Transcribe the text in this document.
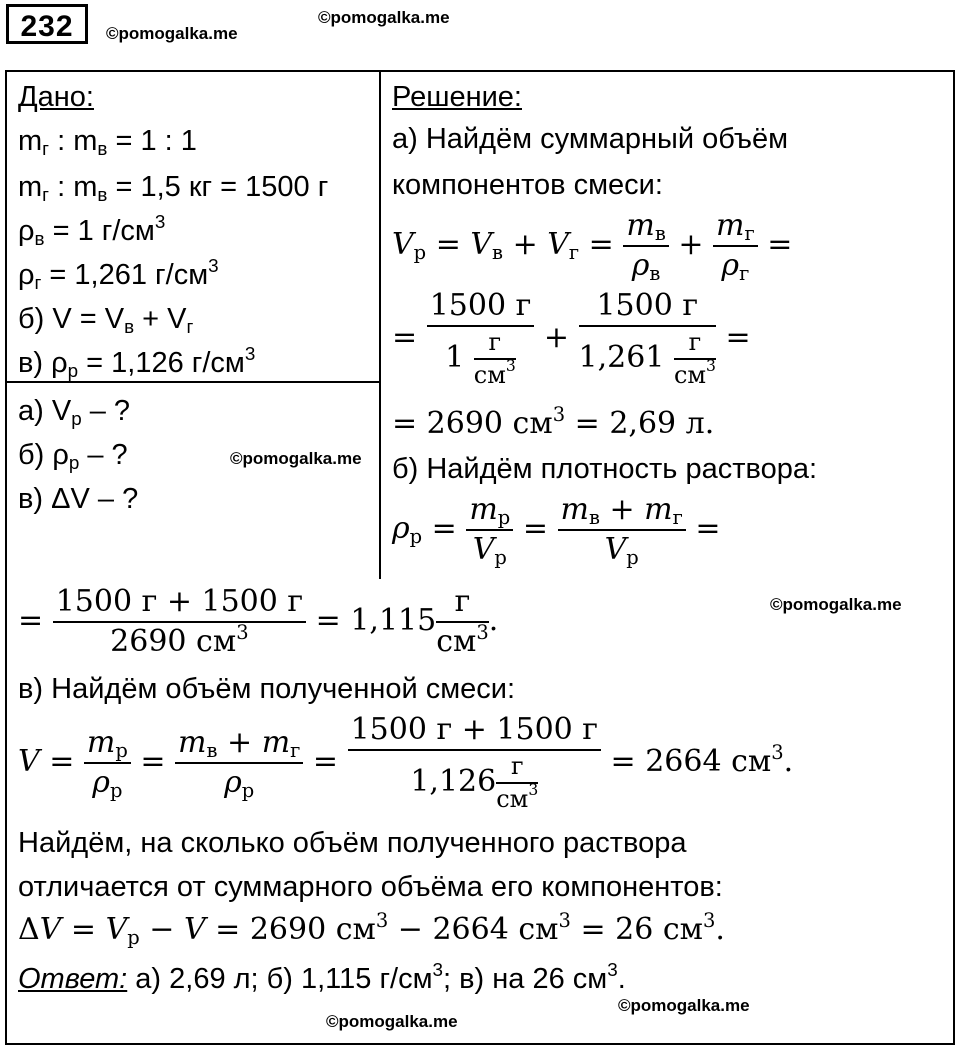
232	©pomogalka.me
©pomogalka.me
Дано:
$m_г$ : $m_в = 1$ : 1
$m_г$ : $m_в = 1,5$ кг = 1500 г
$\rho_в = 1$ $г/см^3$
$\rho_г = 1,261$ $г/см^3$
б) $V = V_в + V_г$
в) $\rho_р = 1,126$ $г/см^3$
а) $V_р$ – ?
б) $\rho_р$ – ?
в) ΔV – ?
©pomogalka.me
Решение:
а) Найдём суммарный объём
компонентов смеси:
$V_р = V_в + V_г = \frac{m_в}{\rho_в} + \frac{m_г}{\rho_г}$ =
= $\frac{1500 г}{1 \frac{г}{см^3}} + \frac{1500 г}{1,261 \frac{г}{см^3}}$ =
= 2690 $см^3 = 2,69$ л.
б) Найдём плотность раствора:
$\rho_р = \frac{m_р}{V_р} = \frac{m_в + m_г}{V_р}$ =
= $\frac{1500 г + 1500 г}{2690 см^3} = 1,115 \frac{г}{см^3}$ .	©pomogalka.me
в) Найдём объём полученной смеси:
$V = \frac{m_р}{\rho_р} = \frac{m_в + m_г}{\rho_р} = \frac{1500 г + 1500 г}{1,126 \frac{г}{см^3}} = 2664$ $см^3$.
Найдём, на сколько объём полученного раствора
отличается от суммарного объёма его компонентов:
$\Delta V = V_р - V = 2690$ $см^3 - 2664$ $см^3 = 26$ $см^3$.
Ответ: а) 2,69 л; б) 1,115 $г/см^3$; в) на 26 $см^3$.
©pomogalka.me
©pomogalka.me
